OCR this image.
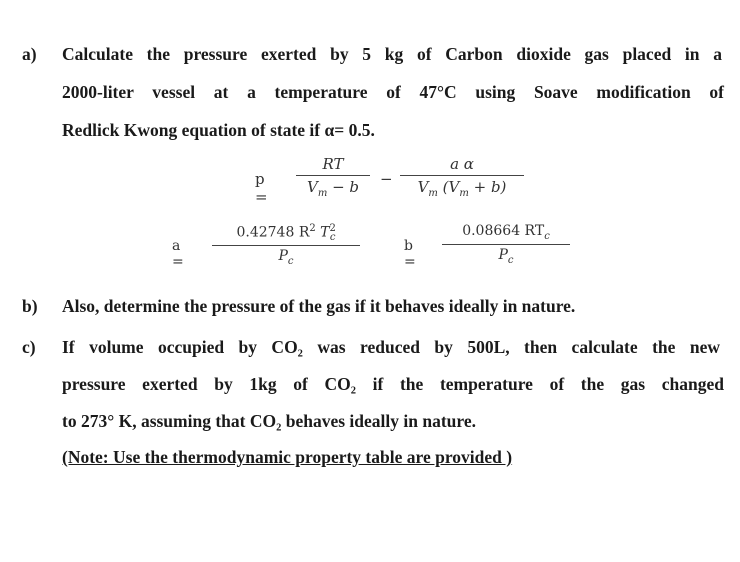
a) Calculate the pressure exerted by 5 kg of Carbon dioxide gas placed in a
2000-liter vessel at a temperature of 47°C using Soave modification of
Redlick Kwong equation of state if α= 0.5.
p =
RT
$V_m - b$	−
a α
$V_m$ $(V_m + b)$
a =
0.42748 $R^2$ $T^2_c$
$P_c$
b =
0.08664 $RT_c$
$P_c$
b) Also, determine the pressure of the gas if it behaves ideally in nature.
c) If volume occupied by CO₂ was reduced by 500L, then calculate the new
pressure exerted by 1kg of CO₂ if the temperature of the gas changed
to 273° K, assuming that CO₂ behaves ideally in nature.
(Note: Use the thermodynamic property table are provided )
